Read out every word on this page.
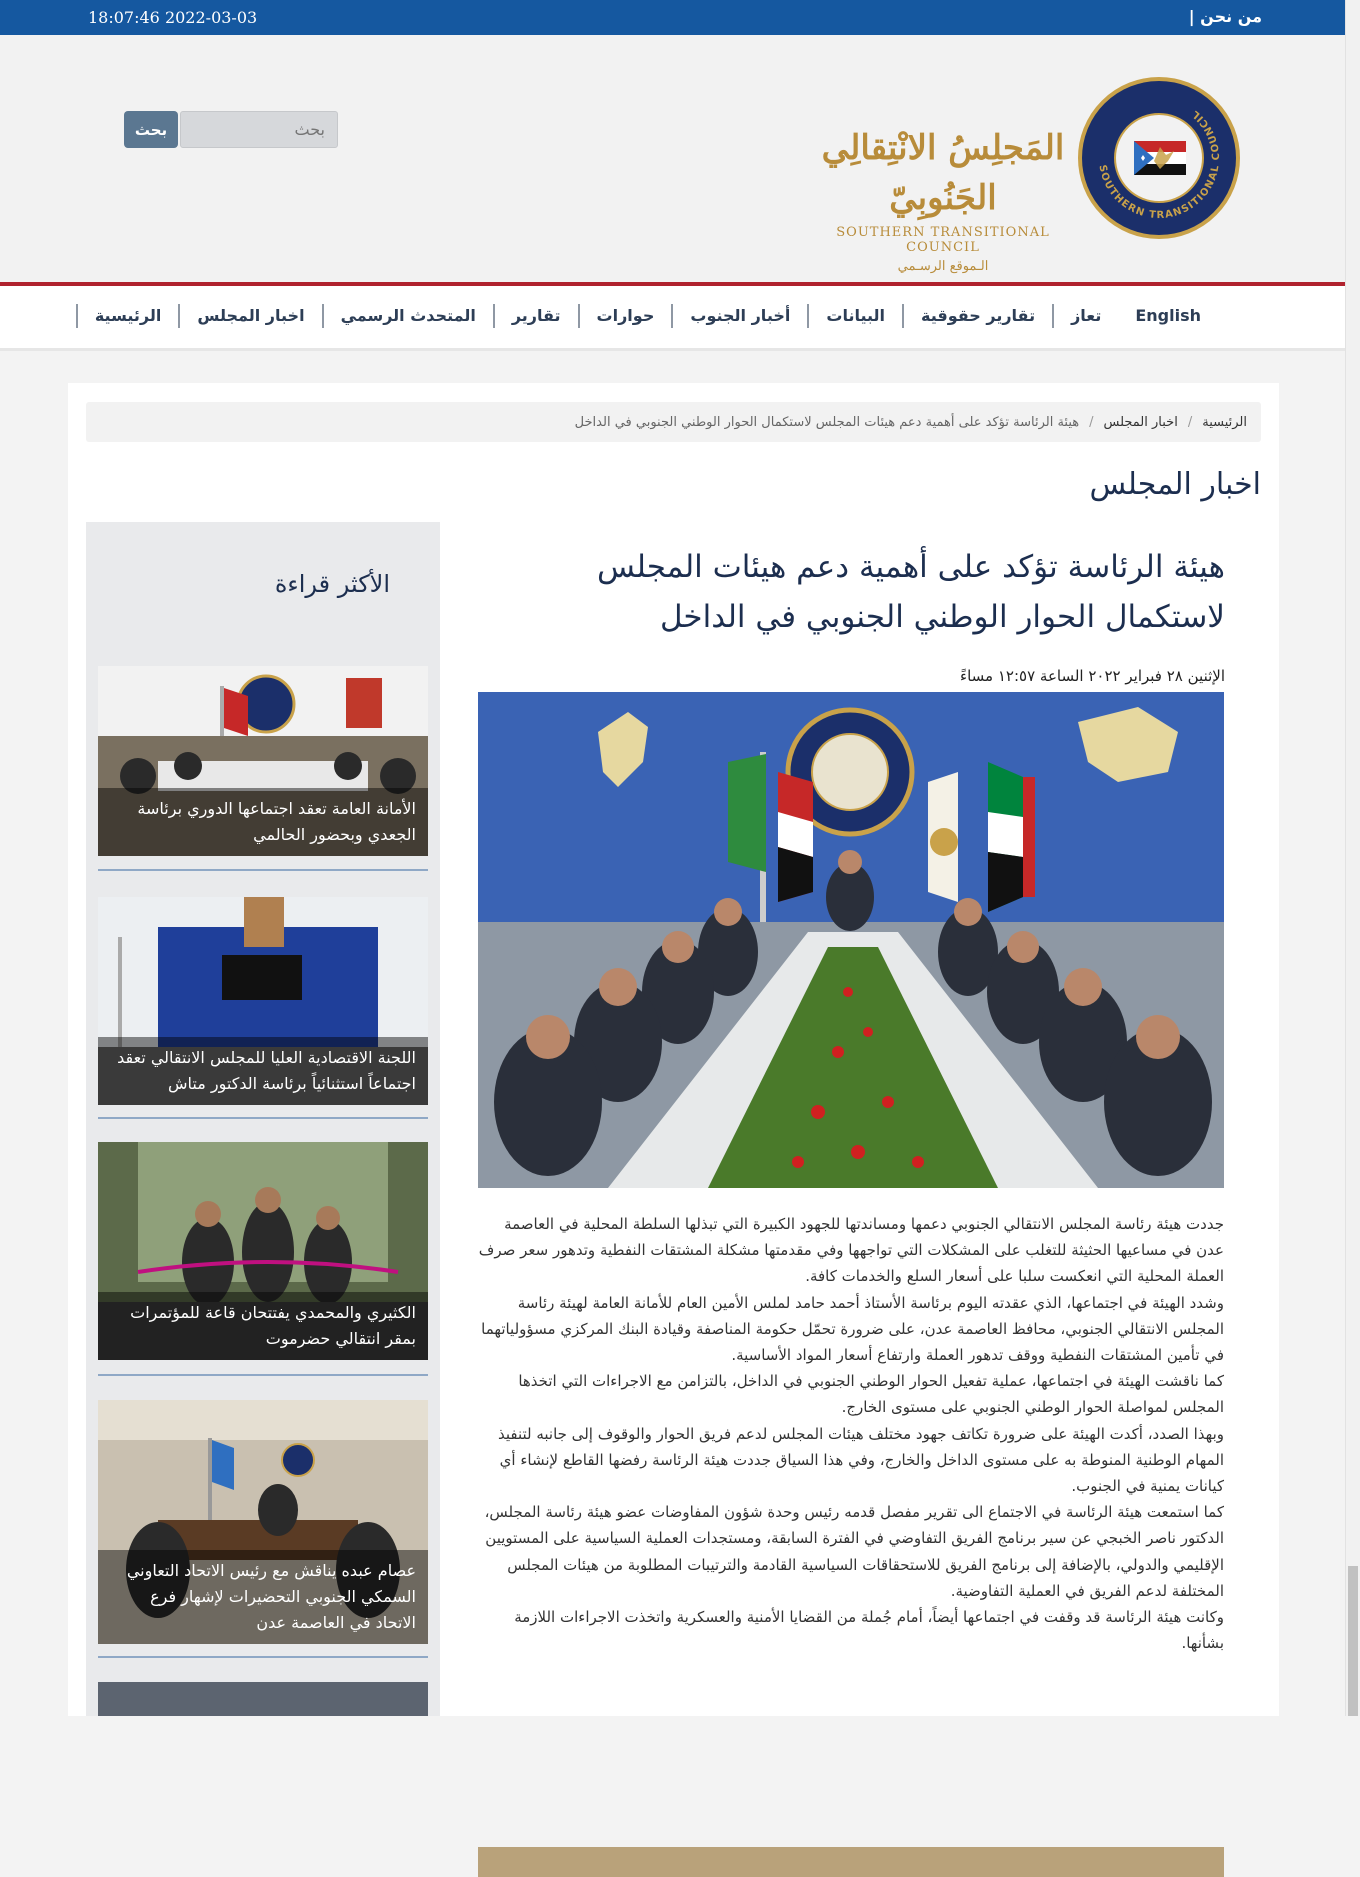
18:07:46 2022-03-03	من نحن |
SOUTHERN TRANSITIONAL COUNCIL
المَجلِسُ الانْتِقالِي الجَنُوبِيّ
SOUTHERN TRANSITIONAL COUNCIL
الـموقع الرسـمي
بحث
بحث
الرئيسية	اخبار المجلس	المتحدث الرسمي	تقارير	حوارات	أخبار الجنوب	البيانات	تقارير حقوقية	تعاز	English
الرئيسية
/
اخبار المجلس
/
هيئة الرئاسة تؤكد على أهمية دعم هيئات المجلس لاستكمال الحوار الوطني الجنوبي في الداخل
اخبار المجلس
هيئة الرئاسة تؤكد على أهمية دعم هيئات المجلس لاستكمال الحوار الوطني الجنوبي في الداخل
الإثنين ٢٨ فبراير ٢٠٢٢ الساعة ١٢:٥٧ مساءً

جددت هيئة رئاسة المجلس الانتقالي الجنوبي دعمها ومساندتها للجهود الكبيرة التي تبذلها السلطة المحلية في العاصمة عدن في مساعيها الحثيثة للتغلب على المشكلات التي تواجهها وفي مقدمتها مشكلة المشتقات النفطية وتدهور سعر صرف العملة المحلية التي انعكست سلبا على أسعار السلع والخدمات كافة.

وشدد الهيئة في اجتماعها، الذي عقدته اليوم برئاسة الأستاذ أحمد حامد لملس الأمين العام للأمانة العامة لهيئة رئاسة المجلس الانتقالي الجنوبي، محافظ العاصمة عدن، على ضرورة تحمّل حكومة المناصفة وقيادة البنك المركزي مسؤولياتهما في تأمين المشتقات النفطية ووقف تدهور العملة وارتفاع أسعار المواد الأساسية.

كما ناقشت الهيئة في اجتماعها، عملية تفعيل الحوار الوطني الجنوبي في الداخل، بالتزامن مع الاجراءات التي اتخذها المجلس لمواصلة الحوار الوطني الجنوبي على مستوى الخارج.

وبهذا الصدد، أكدت الهيئة على ضرورة تكاتف جهود مختلف هيئات المجلس لدعم فريق الحوار والوقوف إلى جانبه لتنفيذ المهام الوطنية المنوطة به على مستوى الداخل والخارج، وفي هذا السياق جددت هيئة الرئاسة رفضها القاطع لإنشاء أي كيانات يمنية في الجنوب.

كما استمعت هيئة الرئاسة في الاجتماع الى تقرير مفصل قدمه رئيس وحدة شؤون المفاوضات عضو هيئة رئاسة المجلس، الدكتور ناصر الخبجي عن سير برنامج الفريق التفاوضي في الفترة السابقة، ومستجدات العملية السياسية على المستويين الإقليمي والدولي، بالإضافة إلى برنامج الفريق للاستحقاقات السياسية القادمة والترتيبات المطلوبة من هيئات المجلس المختلفة لدعم الفريق في العملية التفاوضية.

وكانت هيئة الرئاسة قد وقفت في اجتماعها أيضاً، أمام جُملة من القضايا الأمنية والعسكرية واتخذت الاجراءات اللازمة بشأنها.

الأكثر قراءة
الأمانة العامة تعقد اجتماعها الدوري برئاسة الجعدي وبحضور الحالمي
اللجنة الاقتصادية العليا للمجلس الانتقالي تعقد اجتماعاً استثنائياً برئاسة الدكتور متاش
الكثيري والمحمدي يفتتحان قاعة للمؤتمرات بمقر انتقالي حضرموت
عصام عبده يناقش مع رئيس الاتحاد التعاوني السمكي الجنوبي التحضيرات لإشهار فرع الاتحاد في العاصمة عدن
